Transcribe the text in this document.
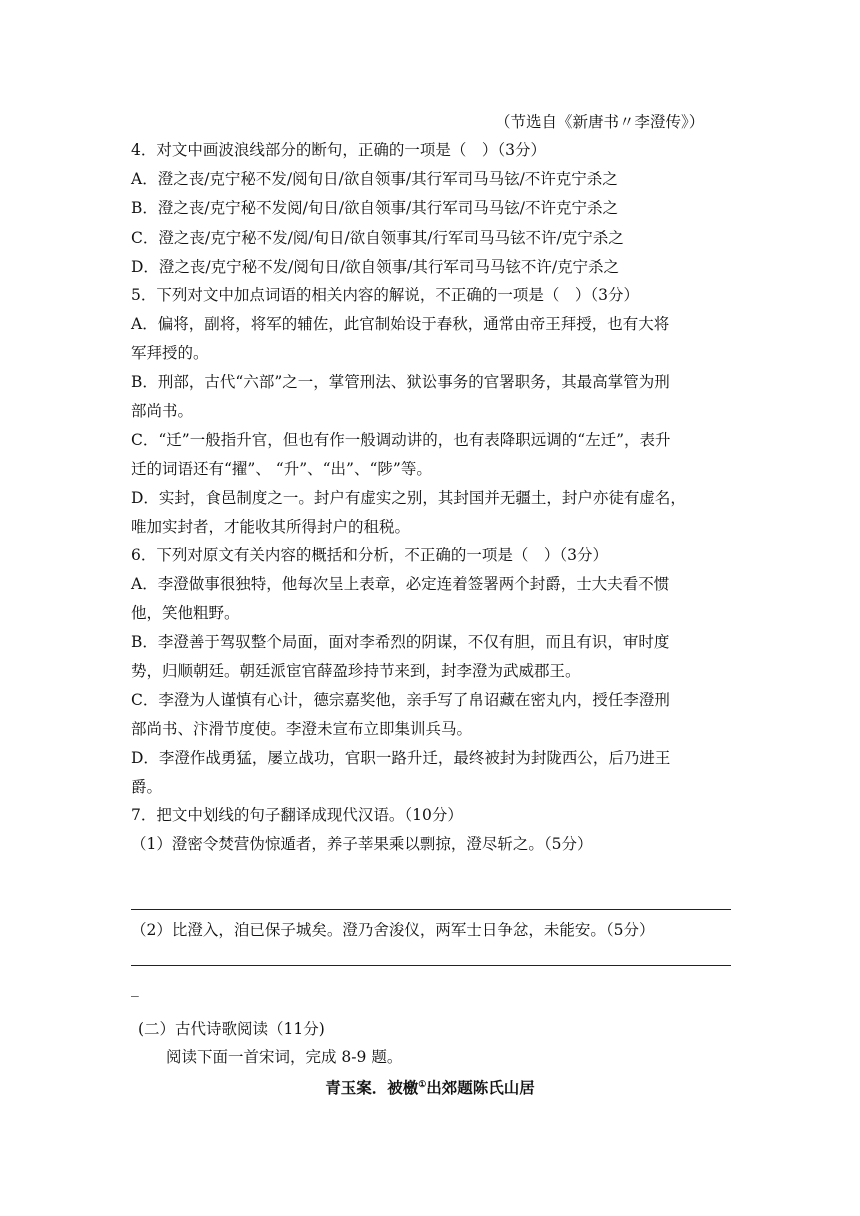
（节选自《新唐书〃李澄传》）
4．对文中画波浪线部分的断句，正确的一项是（　）（3分）
A．澄之丧/克宁秘不发/阅旬日/欲自领事/其行军司马马铉/不许克宁杀之
B．澄之丧/克宁秘不发阅/旬日/欲自领事/其行军司马马铉/不许克宁杀之
C．澄之丧/克宁秘不发/阅/旬日/欲自领事其/行军司马马铉不许/克宁杀之
D．澄之丧/克宁秘不发/阅旬日/欲自领事/其行军司马马铉不许/克宁杀之
5．下列对文中加点词语的相关内容的解说，不正确的一项是（　）（3分）
A．偏将，副将，将军的辅佐，此官制始设于春秋，通常由帝王拜授，也有大将
军拜授的。
B．刑部，古代“六部”之一，掌管刑法、狱讼事务的官署职务，其最高掌管为刑
部尚书。
C．“迁”一般指升官，但也有作一般调动讲的，也有表降职远调的“左迁”，表升
迁的词语还有“擢”、 “升”、“出”、“陟”等。
D．实封，食邑制度之一。封户有虚实之别，其封国并无疆土，封户亦徒有虚名，
唯加实封者，才能收其所得封户的租税。
6．下列对原文有关内容的概括和分析，不正确的一项是（　）（3分）
A．李澄做事很独特，他每次呈上表章，必定连着签署两个封爵，士大夫看不惯
他，笑他粗野。
B．李澄善于驾驭整个局面，面对李希烈的阴谋，不仅有胆，而且有识，审时度
势，归顺朝廷。朝廷派宦官薛盈珍持节来到，封李澄为武威郡王。
C．李澄为人谨慎有心计，德宗嘉奖他，亲手写了帛诏藏在密丸内，授任李澄刑
部尚书、汴滑节度使。李澄未宣布立即集训兵马。
D．李澄作战勇猛，屡立战功，官职一路升迁，最终被封为封陇西公，后乃进王
爵。
7．把文中划线的句子翻译成现代汉语。（10分）
（1）澄密令焚营伪惊遁者，养子莘果乘以剽掠，澄尽斩之。（5分）
（2）比澄入，洎已保子城矣。澄乃舍浚仪，两军士日争忿，未能安。（5分）
_
(二）古代诗歌阅读（11分)
阅读下面一首宋词，完成 8-9 题。
青玉案．被檄①出郊题陈氏山居
